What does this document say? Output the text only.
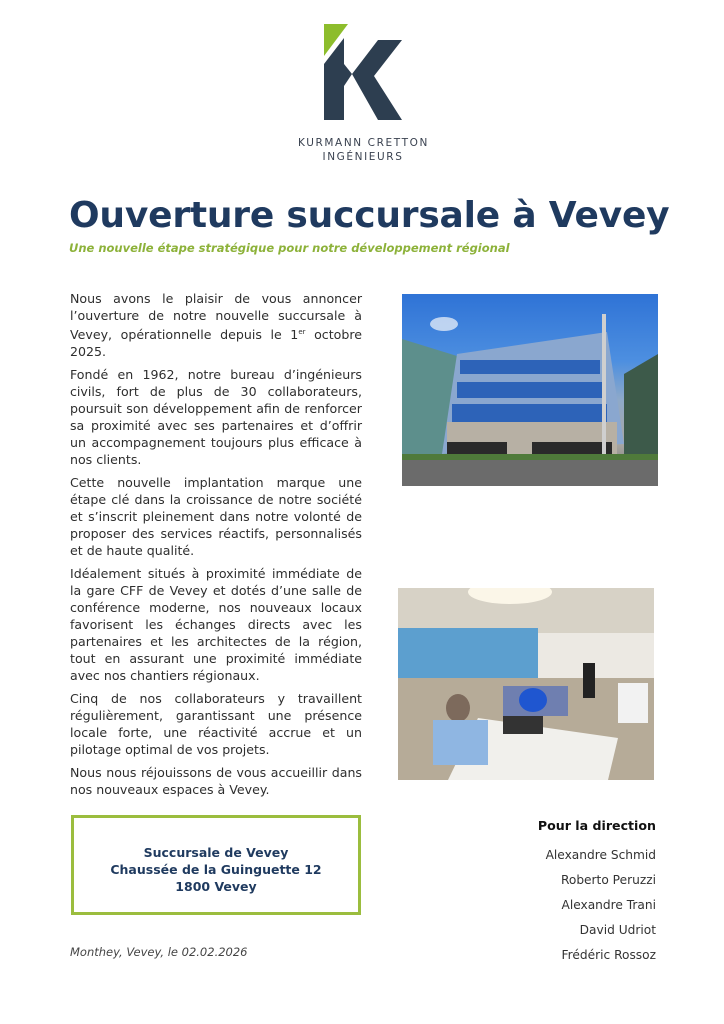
KURMANN CRETTON
INGÉNIEURS
Ouverture succursale à Vevey
Une nouvelle étape stratégique pour notre développement régional

Nous avons le plaisir de vous annoncer l’ouverture de notre nouvelle succursale à Vevey, opérationnelle depuis le 1er octobre 2025.

Fondé en 1962, notre bureau d’ingénieurs civils, fort de plus de 30 collaborateurs, poursuit son développement afin de renforcer sa proximité avec ses partenaires et d’offrir un accompagnement toujours plus efficace à nos clients.

Cette nouvelle implantation marque une étape clé dans la croissance de notre société et s’inscrit pleinement dans notre volonté de proposer des services réactifs, personnalisés et de haute qualité.

Idéalement situés à proximité immédiate de la gare CFF de Vevey et dotés d’une salle de conférence moderne, nos nouveaux locaux favorisent les échanges directs avec les partenaires et les architectes de la région, tout en assurant une proximité immédiate avec nos chantiers régionaux.

Cinq de nos collaborateurs y travaillent régulièrement, garantissant une présence locale forte, une réactivité accrue et un pilotage optimal de vos projets.

Nous nous réjouissons de vous accueillir dans nos nouveaux espaces à Vevey.

Succursale de Vevey
Chaussée de la Guinguette 12
1800 Vevey
Monthey, Vevey, le 02.02.2026
Pour la direction
Alexandre Schmid
Roberto Peruzzi
Alexandre Trani
David Udriot
Frédéric Rossoz
